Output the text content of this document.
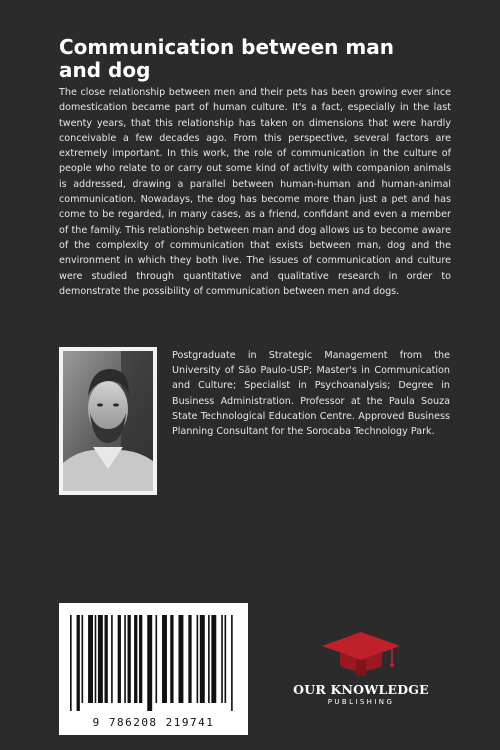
Communication between man and dog
The close relationship between men and their pets has been growing ever since domestication became part of human culture. It's a fact, especially in the last twenty years, that this relationship has taken on dimensions that were hardly conceivable a few decades ago. From this perspective, several factors are extremely important. In this work, the role of communication in the culture of people who relate to or carry out some kind of activity with companion animals is addressed, drawing a parallel between human-human and human-animal communication. Nowadays, the dog has become more than just a pet and has come to be regarded, in many cases, as a friend, confidant and even a member of the family. This relationship between man and dog allows us to become aware of the complexity of communication that exists between man, dog and the environment in which they both live. The issues of communication and culture were studied through quantitative and qualitative research in order to demonstrate the possibility of communication between men and dogs.
Postgraduate in Strategic Management from the University of São Paulo-USP; Master's in Communication and Culture; Specialist in Psychoanalysis; Degree in Business Administration. Professor at the Paula Souza State Technological Education Centre. Approved Business Planning Consultant for the Sorocaba Technology Park.
9 786208 219741
OUR KNOWLEDGE
PUBLISHING
